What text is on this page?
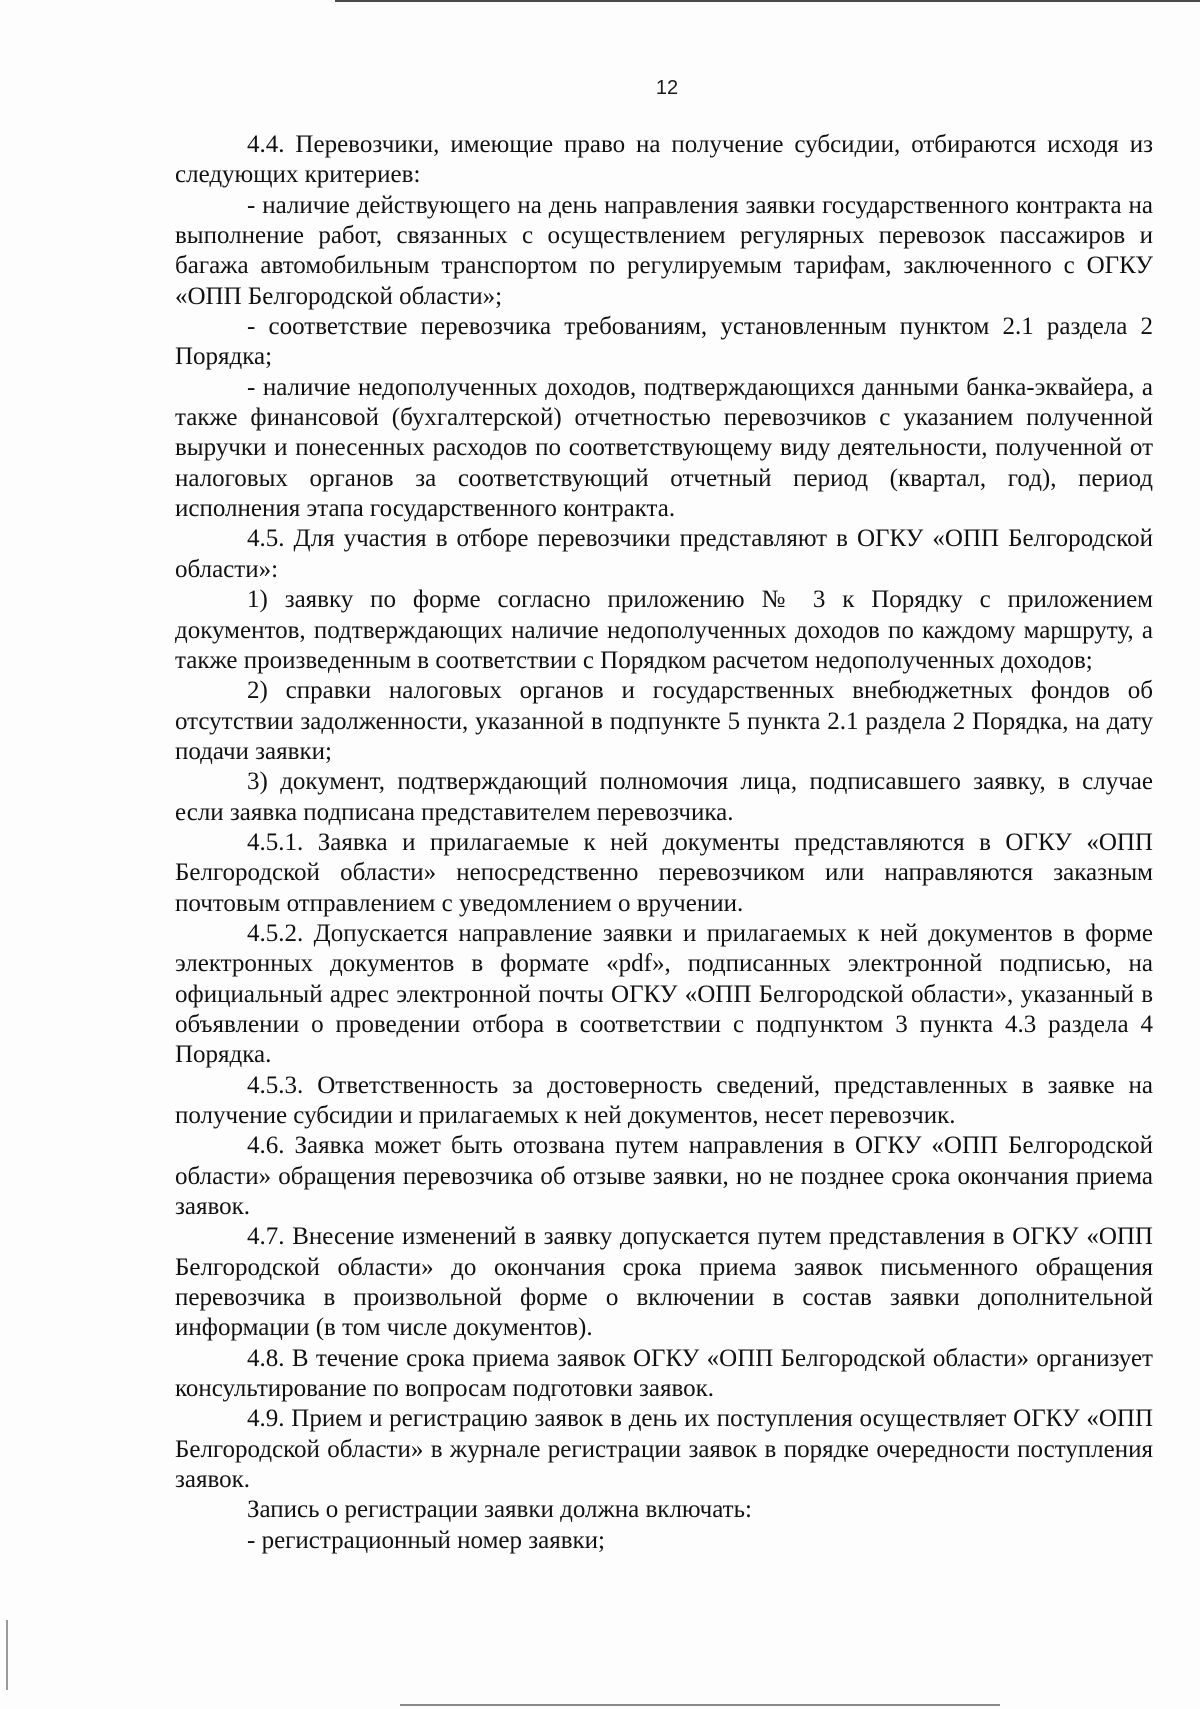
12

4.4. Перевозчики, имеющие право на получение субсидии, отбираются исходя из следующих критериев:

- наличие действующего на день направления заявки государственного контракта на выполнение работ, связанных с осуществлением регулярных перевозок пассажиров и багажа автомобильным транспортом по регулируемым тарифам, заключенного с ОГКУ «ОПП Белгородской области»;

- соответствие перевозчика требованиям, установленным пунктом 2.1 раздела 2 Порядка;

- наличие недополученных доходов, подтверждающихся данными банка-эквайера, а также финансовой (бухгалтерской) отчетностью перевозчиков с указанием полученной выручки и понесенных расходов по соответствующему виду деятельности, полученной от налоговых органов за соответствующий отчетный период (квартал, год), период исполнения этапа государственного контракта.

4.5. Для участия в отборе перевозчики представляют в ОГКУ «ОПП Белгородской области»:

1) заявку по форме согласно приложению № 3 к Порядку с приложением документов, подтверждающих наличие недополученных доходов по каждому маршруту, а также произведенным в соответствии с Порядком расчетом недополученных доходов;

2) справки налоговых органов и государственных внебюджетных фондов об отсутствии задолженности, указанной в подпункте 5 пункта 2.1 раздела 2 Порядка, на дату подачи заявки;

3) документ, подтверждающий полномочия лица, подписавшего заявку, в случае если заявка подписана представителем перевозчика.

4.5.1. Заявка и прилагаемые к ней документы представляются в ОГКУ «ОПП Белгородской области» непосредственно перевозчиком или направляются заказным почтовым отправлением с уведомлением о вручении.

4.5.2. Допускается направление заявки и прилагаемых к ней документов в форме электронных документов в формате «pdf», подписанных электронной подписью, на официальный адрес электронной почты ОГКУ «ОПП Белгородской области», указанный в объявлении о проведении отбора в соответствии с подпунктом 3 пункта 4.3 раздела 4 Порядка.

4.5.3. Ответственность за достоверность сведений, представленных в заявке на получение субсидии и прилагаемых к ней документов, несет перевозчик.

4.6. Заявка может быть отозвана путем направления в ОГКУ «ОПП Белгородской области» обращения перевозчика об отзыве заявки, но не позднее срока окончания приема заявок.

4.7. Внесение изменений в заявку допускается путем представления в ОГКУ «ОПП Белгородской области» до окончания срока приема заявок письменного обращения перевозчика в произвольной форме о включении в состав заявки дополнительной информации (в том числе документов).

4.8. В течение срока приема заявок ОГКУ «ОПП Белгородской области» организует консультирование по вопросам подготовки заявок.

4.9. Прием и регистрацию заявок в день их поступления осуществляет ОГКУ «ОПП Белгородской области» в журнале регистрации заявок в порядке очередности поступления заявок.

Запись о регистрации заявки должна включать:

- регистрационный номер заявки;
